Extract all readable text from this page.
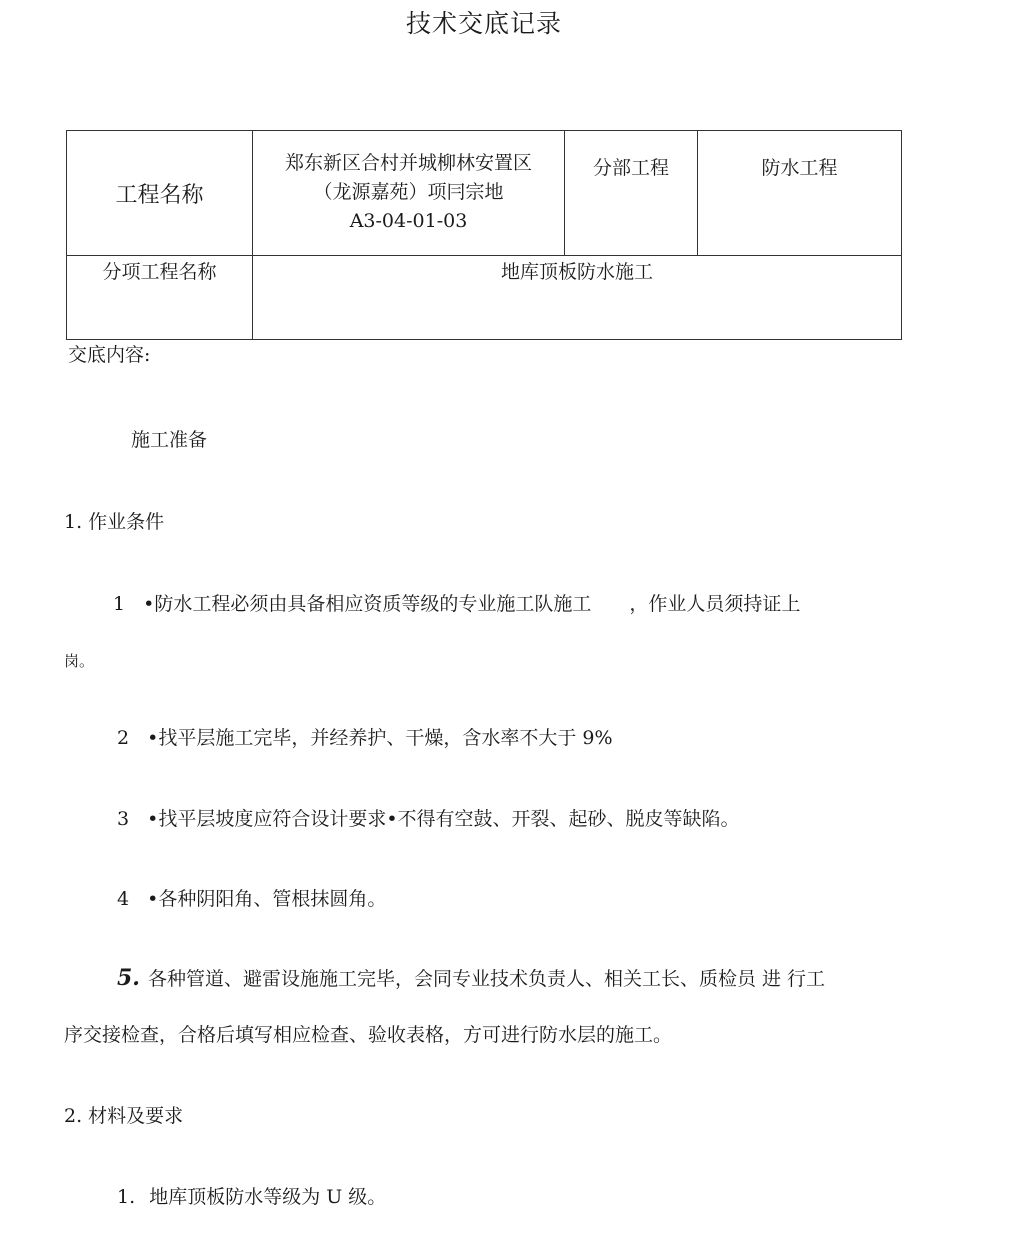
技术交底记录
工程名称	郑东新区合村并城柳林安置区
（龙源嘉苑）项冃宗地
A3-04-01-03	分部工程	防水工程
分项工程名称	地库顶板防水施工		
交底内容:
施工准备
1. 作业条件
1 •防水工程必须由具备相应资质等级的专业施工队施工 ，作业人员须持证上
岗。
2 •找平层施工完毕，并经养护、干燥，含水率不大于 9%
3 •找平层坡度应符合设计要求•不得有空鼓、开裂、起砂、脱皮等缺陷。
4 •各种阴阳角、管根抹圆角。
5. 各种管道、避雷设施施工完毕，会同专业技术负责人、相关工长、质检员 进 行工
序交接检查，合格后填写相应检查、验收表格，方可进行防水层的施工。
2. 材料及要求
1. 地库顶板防水等级为 U 级。
